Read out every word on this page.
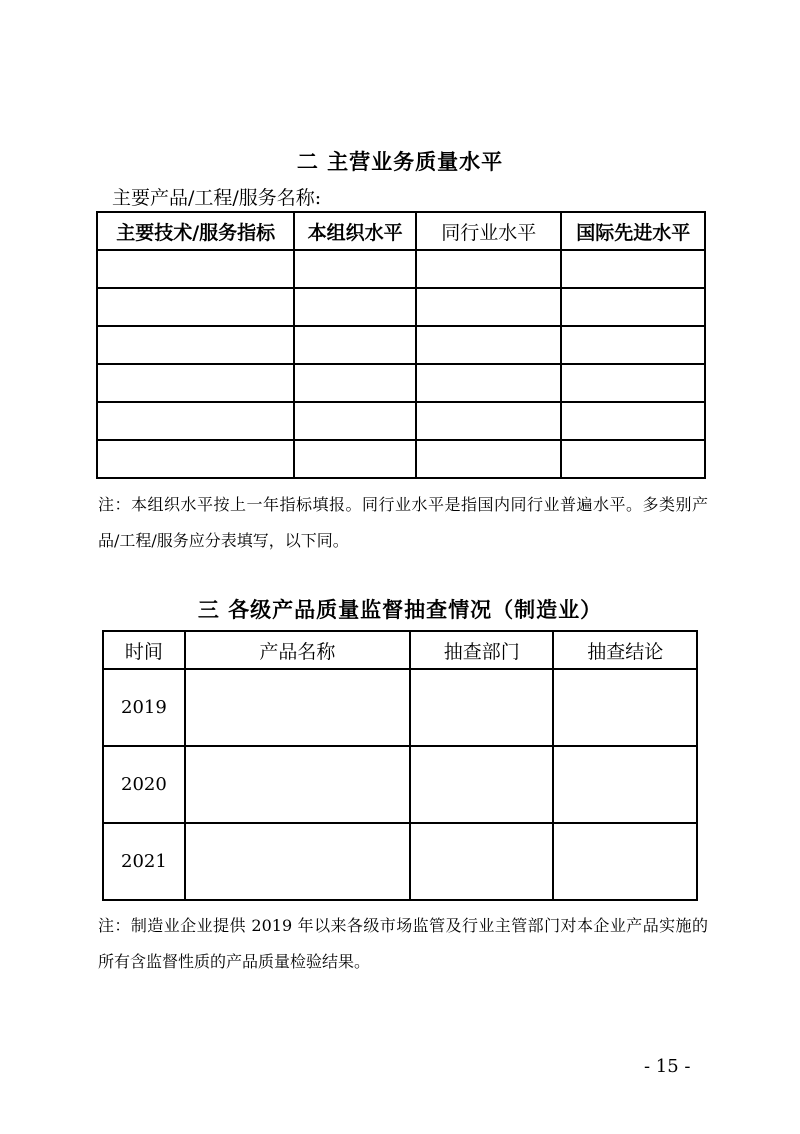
二 主营业务质量水平
主要产品/工程/服务名称:
主要技术/服务指标	本组织水平	同行业水平	国际先进水平

注：本组织水平按上一年指标填报。同行业水平是指国内同行业普遍水平。多类别产品/工程/服务应分表填写，以下同。
三 各级产品质量监督抽查情况（制造业）
时间	产品名称	抽查部门	抽查结论
2019			
2020			
2021			
注：制造业企业提供 2019 年以来各级市场监管及行业主管部门对本企业产品实施的所有含监督性质的产品质量检验结果。
- 15 -
